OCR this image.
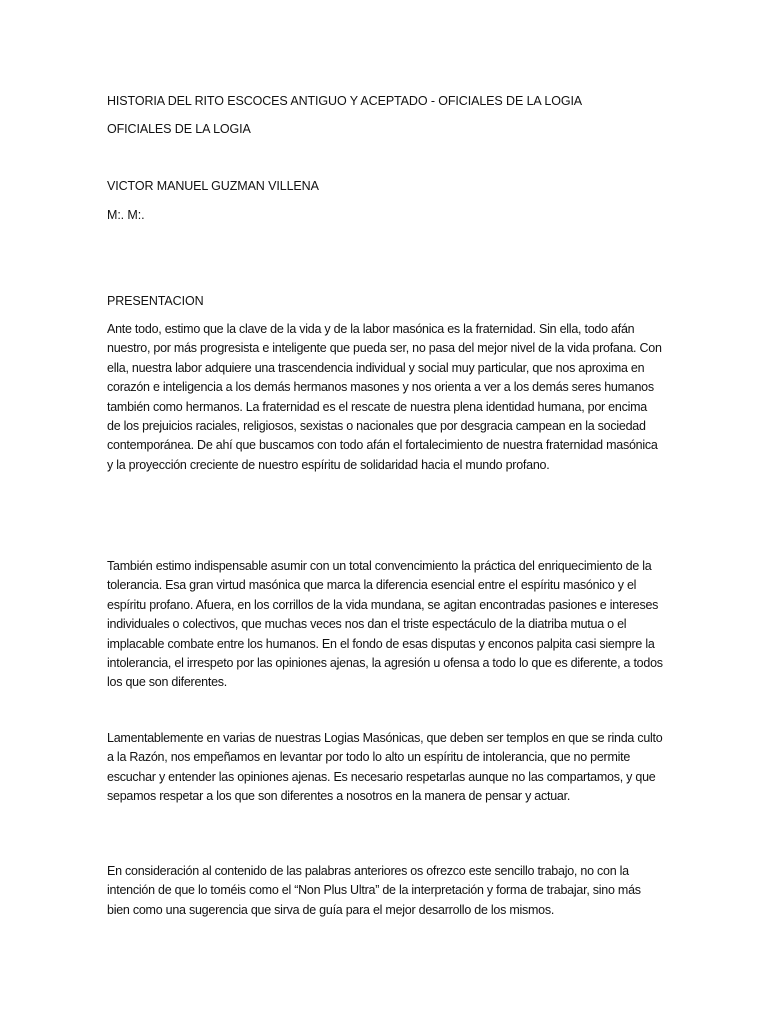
HISTORIA DEL RITO ESCOCES ANTIGUO Y ACEPTADO - OFICIALES DE LA LOGIA
OFICIALES DE LA LOGIA
VICTOR MANUEL GUZMAN VILLENA
M:. M:.
PRESENTACION

Ante todo, estimo que la clave de la vida y de la labor masónica es la fraternidad. Sin ella, todo afán nuestro, por más progresista e inteligente que pueda ser, no pasa del mejor nivel de la vida profana. Con ella, nuestra labor adquiere una trascendencia individual y social muy particular, que nos aproxima en corazón e inteligencia a los demás hermanos masones y nos orienta a ver a los demás seres humanos también como hermanos. La fraternidad es el rescate de nuestra plena identidad humana, por encima de los prejuicios raciales, religiosos, sexistas o nacionales que por desgracia campean en la sociedad contemporánea. De ahí que buscamos con todo afán el fortalecimiento de nuestra fraternidad masónica y la proyección creciente de nuestro espíritu de solidaridad hacia el mundo profano.

También estimo indispensable asumir con un total convencimiento la práctica del enriquecimiento de la tolerancia. Esa gran virtud masónica que marca la diferencia esencial entre el espíritu masónico y el espíritu profano. Afuera, en los corrillos de la vida mundana, se agitan encontradas pasiones e intereses individuales o colectivos, que muchas veces nos dan el triste espectáculo de la diatriba mutua o el implacable combate entre los humanos. En el fondo de esas disputas y enconos palpita casi siempre la intolerancia, el irrespeto por las opiniones ajenas, la agresión u ofensa a todo lo que es diferente, a todos los que son diferentes.

Lamentablemente en varias de nuestras Logias Masónicas, que deben ser templos en que se rinda culto a la Razón, nos empeñamos en levantar por todo lo alto un espíritu de intolerancia, que no permite escuchar y entender las opiniones ajenas. Es necesario respetarlas aunque no las compartamos, y que sepamos respetar a los que son diferentes a nosotros en la manera de pensar y actuar.

En consideración al contenido de las palabras anteriores os ofrezco este sencillo trabajo, no con la intención de que lo toméis como el “Non Plus Ultra” de la interpretación y forma de trabajar, sino más bien como una sugerencia que sirva de guía para el mejor desarrollo de los mismos.
